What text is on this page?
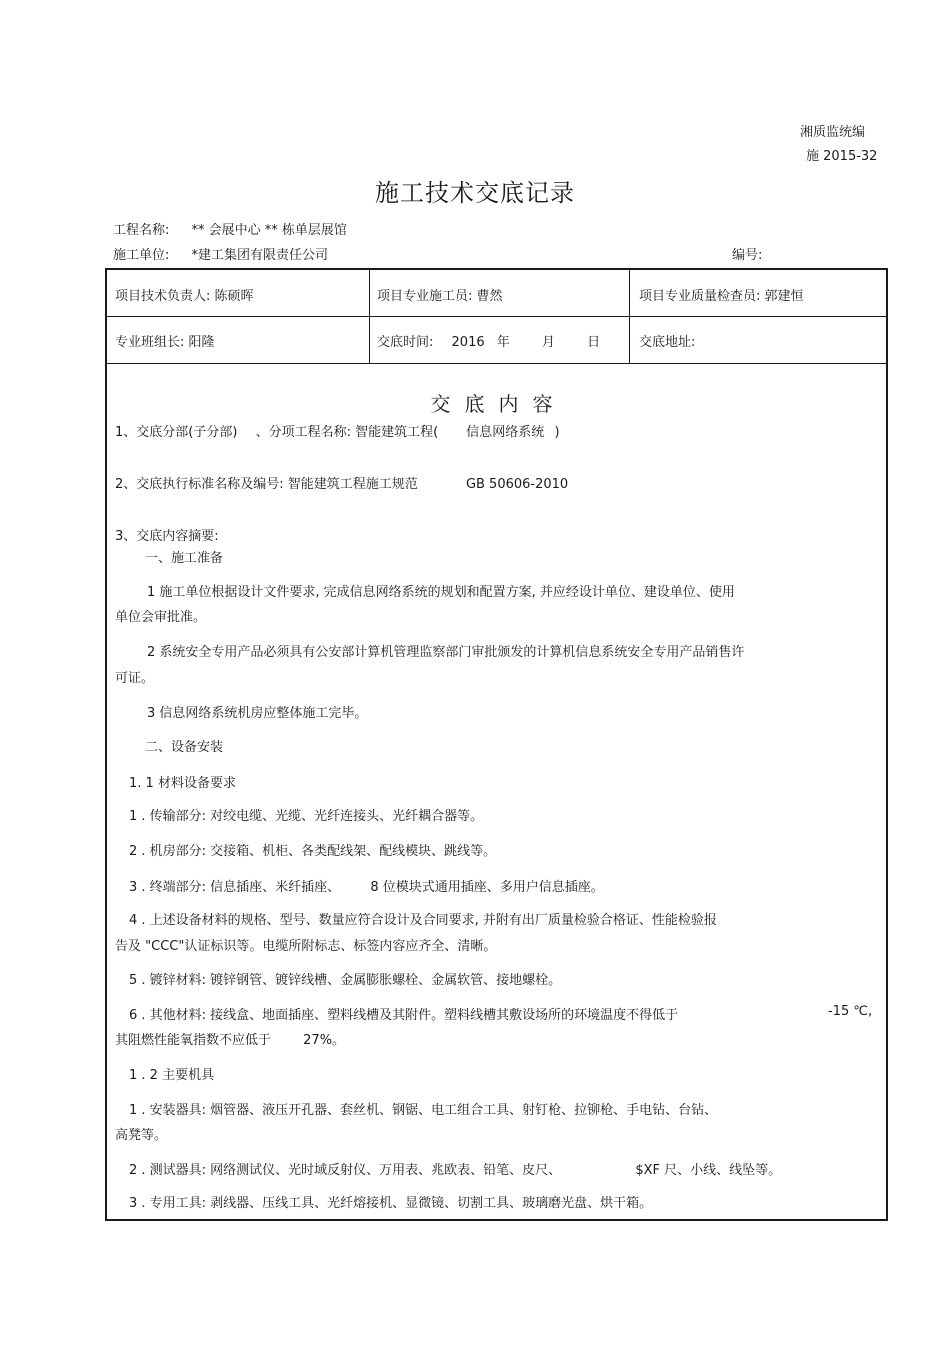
湘质监统编
施 2015-32
施工技术交底记录
工程名称: ** 会展中心 ** 栋单层展馆
施工单位: *建工集团有限责任公司	编号:
项目技术负责人: 陈硕晖	项目专业施工员: 曹然	项目专业质量检查员: 郭建恒
专业班组长: 阳隆	交底时间: 2016 年 月 日	交底地址:
交底内容
1、交底分部(子分部) 、分项工程名称: 智能建筑工程( 信息网络系统 )
2、交底执行标准名称及编号: 智能建筑工程施工规范	GB 50606-2010
3、交底内容摘要:
一、施工准备
1 施工单位根据设计文件要求, 完成信息网络系统的规划和配置方案, 并应经设计单位、建设单位、使用
单位会审批准。
2 系统安全专用产品必须具有公安部计算机管理监察部门审批颁发的计算机信息系统安全专用产品销售许
可证。
3 信息网络系统机房应整体施工完毕。
二、设备安装
1. 1 材料设备要求
1 . 传输部分: 对绞电缆、光缆、光纤连接头、光纤耦合器等。
2 . 机房部分: 交接箱、机柜、各类配线架、配线模块、跳线等。
3 . 终端部分: 信息插座、米纤插座、 8 位模块式通用插座、多用户信息插座。
4 . 上述设备材料的规格、型号、数量应符合设计及合同要求, 并附有出厂质量检验合格证、性能检验报
告及 "CCC"认证标识等。电缆所附标志、标签内容应齐全、清晰。
5 . 镀锌材料: 镀锌钢管、镀锌线槽、金属膨胀螺栓、金属软管、接地螺栓。
6 . 其他材料: 接线盒、地面插座、塑料线槽及其附件。塑料线槽其敷设场所的环境温度不得低于	-15 ℃,
其阻燃性能氧指数不应低于 27%。
1 . 2 主要机具
1 . 安装器具: 烟管器、液压开孔器、套丝机、钢锯、电工组合工具、射钉枪、拉铆枪、手电钻、台钻、
高凳等。
2 . 测试器具: 网络测试仪、光时域反射仪、万用表、兆欧表、铅笔、皮尺、	$XF 尺、小线、线坠等。
3 . 专用工具: 剥线器、压线工具、光纤熔接机、显微镜、切割工具、玻璃磨光盘、烘干箱。
